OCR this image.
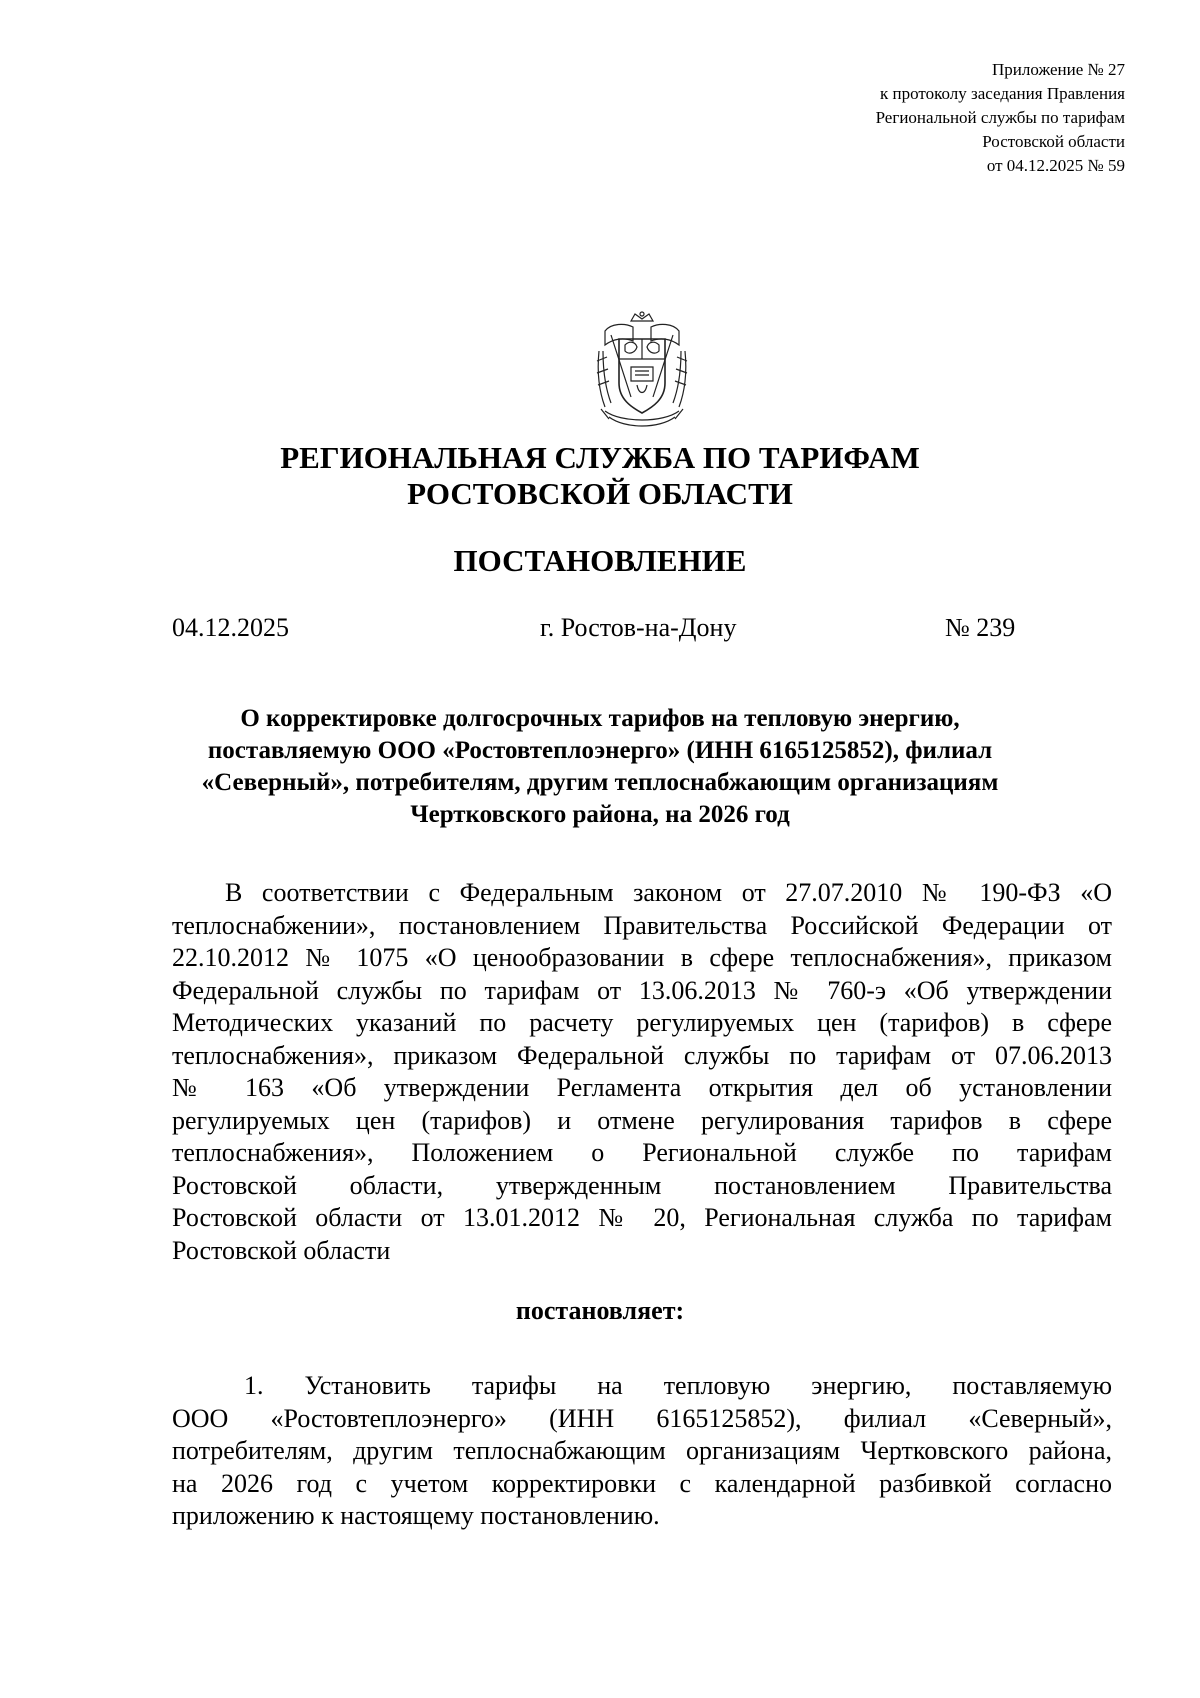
Приложение № 27
к протоколу заседания Правления
Региональной службы по тарифам
Ростовской области
от 04.12.2025 № 59
РЕГИОНАЛЬНАЯ СЛУЖБА ПО ТАРИФАМ
РОСТОВСКОЙ ОБЛАСТИ
ПОСТАНОВЛЕНИЕ
04.12.2025	г. Ростов-на-Дону	№ 239
О корректировке долгосрочных тарифов на тепловую энергию,
поставляемую ООО «Ростовтеплоэнерго» (ИНН 6165125852), филиал
«Северный», потребителям, другим теплоснабжающим организациям
Чертковского района, на 2026 год
В соответствии с Федеральным законом от 27.07.2010 № 190-ФЗ «О
теплоснабжении», постановлением Правительства Российской Федерации от
22.10.2012 № 1075 «О ценообразовании в сфере теплоснабжения», приказом
Федеральной службы по тарифам от 13.06.2013 № 760-э «Об утверждении
Методических указаний по расчету регулируемых цен (тарифов) в сфере
теплоснабжения», приказом Федеральной службы по тарифам от 07.06.2013
№ 163 «Об утверждении Регламента открытия дел об установлении
регулируемых цен (тарифов) и отмене регулирования тарифов в сфере
теплоснабжения», Положением о Региональной службе по тарифам
Ростовской области, утвержденным постановлением Правительства
Ростовской области от 13.01.2012 № 20, Региональная служба по тарифам
Ростовской области
постановляет:
1. Установить тарифы на тепловую энергию, поставляемую
ООО «Ростовтеплоэнерго» (ИНН 6165125852), филиал «Северный»,
потребителям, другим теплоснабжающим организациям Чертковского района,
на 2026 год с учетом корректировки с календарной разбивкой согласно
приложению к настоящему постановлению.
